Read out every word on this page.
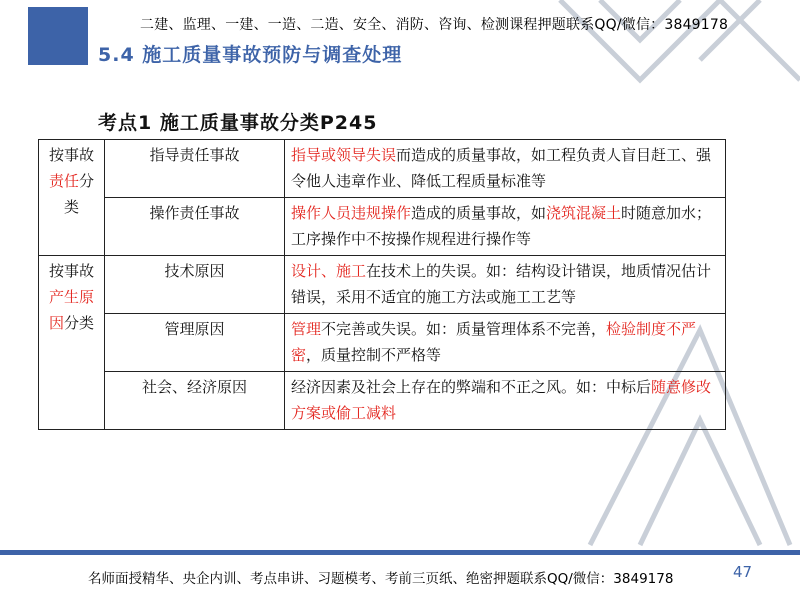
二建、监理、一建、一造、二造、安全、消防、咨询、检测课程押题联系QQ/微信：3849178
5.4 施工质量事故预防与调查处理
考点1 施工质量事故分类P245
按事故
责任分类	指导责任事故	指导或领导失误而造成的质量事故，如工程负责人盲目赶工、强令他人违章作业、降低工程质量标准等
	操作责任事故	操作人员违规操作造成的质量事故，如浇筑混凝土时随意加水；工序操作中不按操作规程进行操作等
按事故
产生原因分类	技术原因	设计、施工在技术上的失误。如：结构设计错误，地质情况估计错误，采用不适宜的施工方法或施工工艺等
	管理原因	管理不完善或失误。如：质量管理体系不完善，检验制度不严密，质量控制不严格等
	社会、经济原因	经济因素及社会上存在的弊端和不正之风。如：中标后随意修改方案或偷工减料
名师面授精华、央企内训、考点串讲、习题模考、考前三页纸、绝密押题联系QQ/微信：3849178	47
